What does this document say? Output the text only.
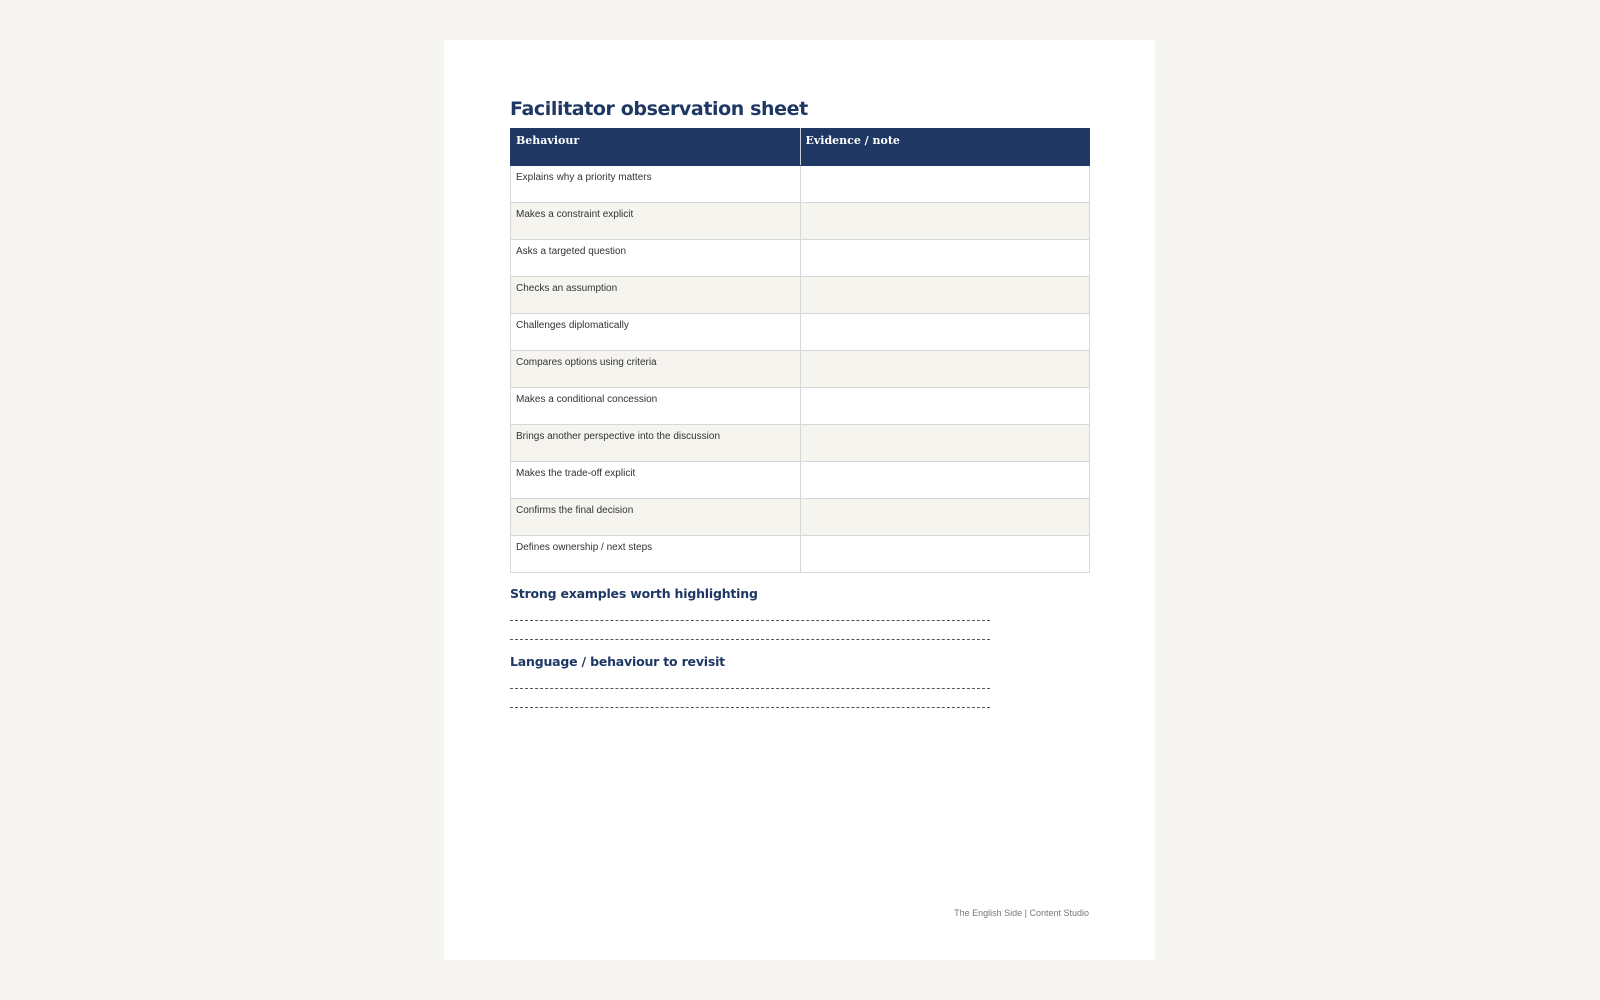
Facilitator observation sheet
Behaviour	Evidence / note
Explains why a priority matters	
Makes a constraint explicit	
Asks a targeted question	
Checks an assumption	
Challenges diplomatically	
Compares options using criteria	
Makes a conditional concession	
Brings another perspective into the discussion	
Makes the trade-off explicit	
Confirms the final decision	
Defines ownership / next steps	
Strong examples worth highlighting
Language / behaviour to revisit
The English Side | Content Studio
